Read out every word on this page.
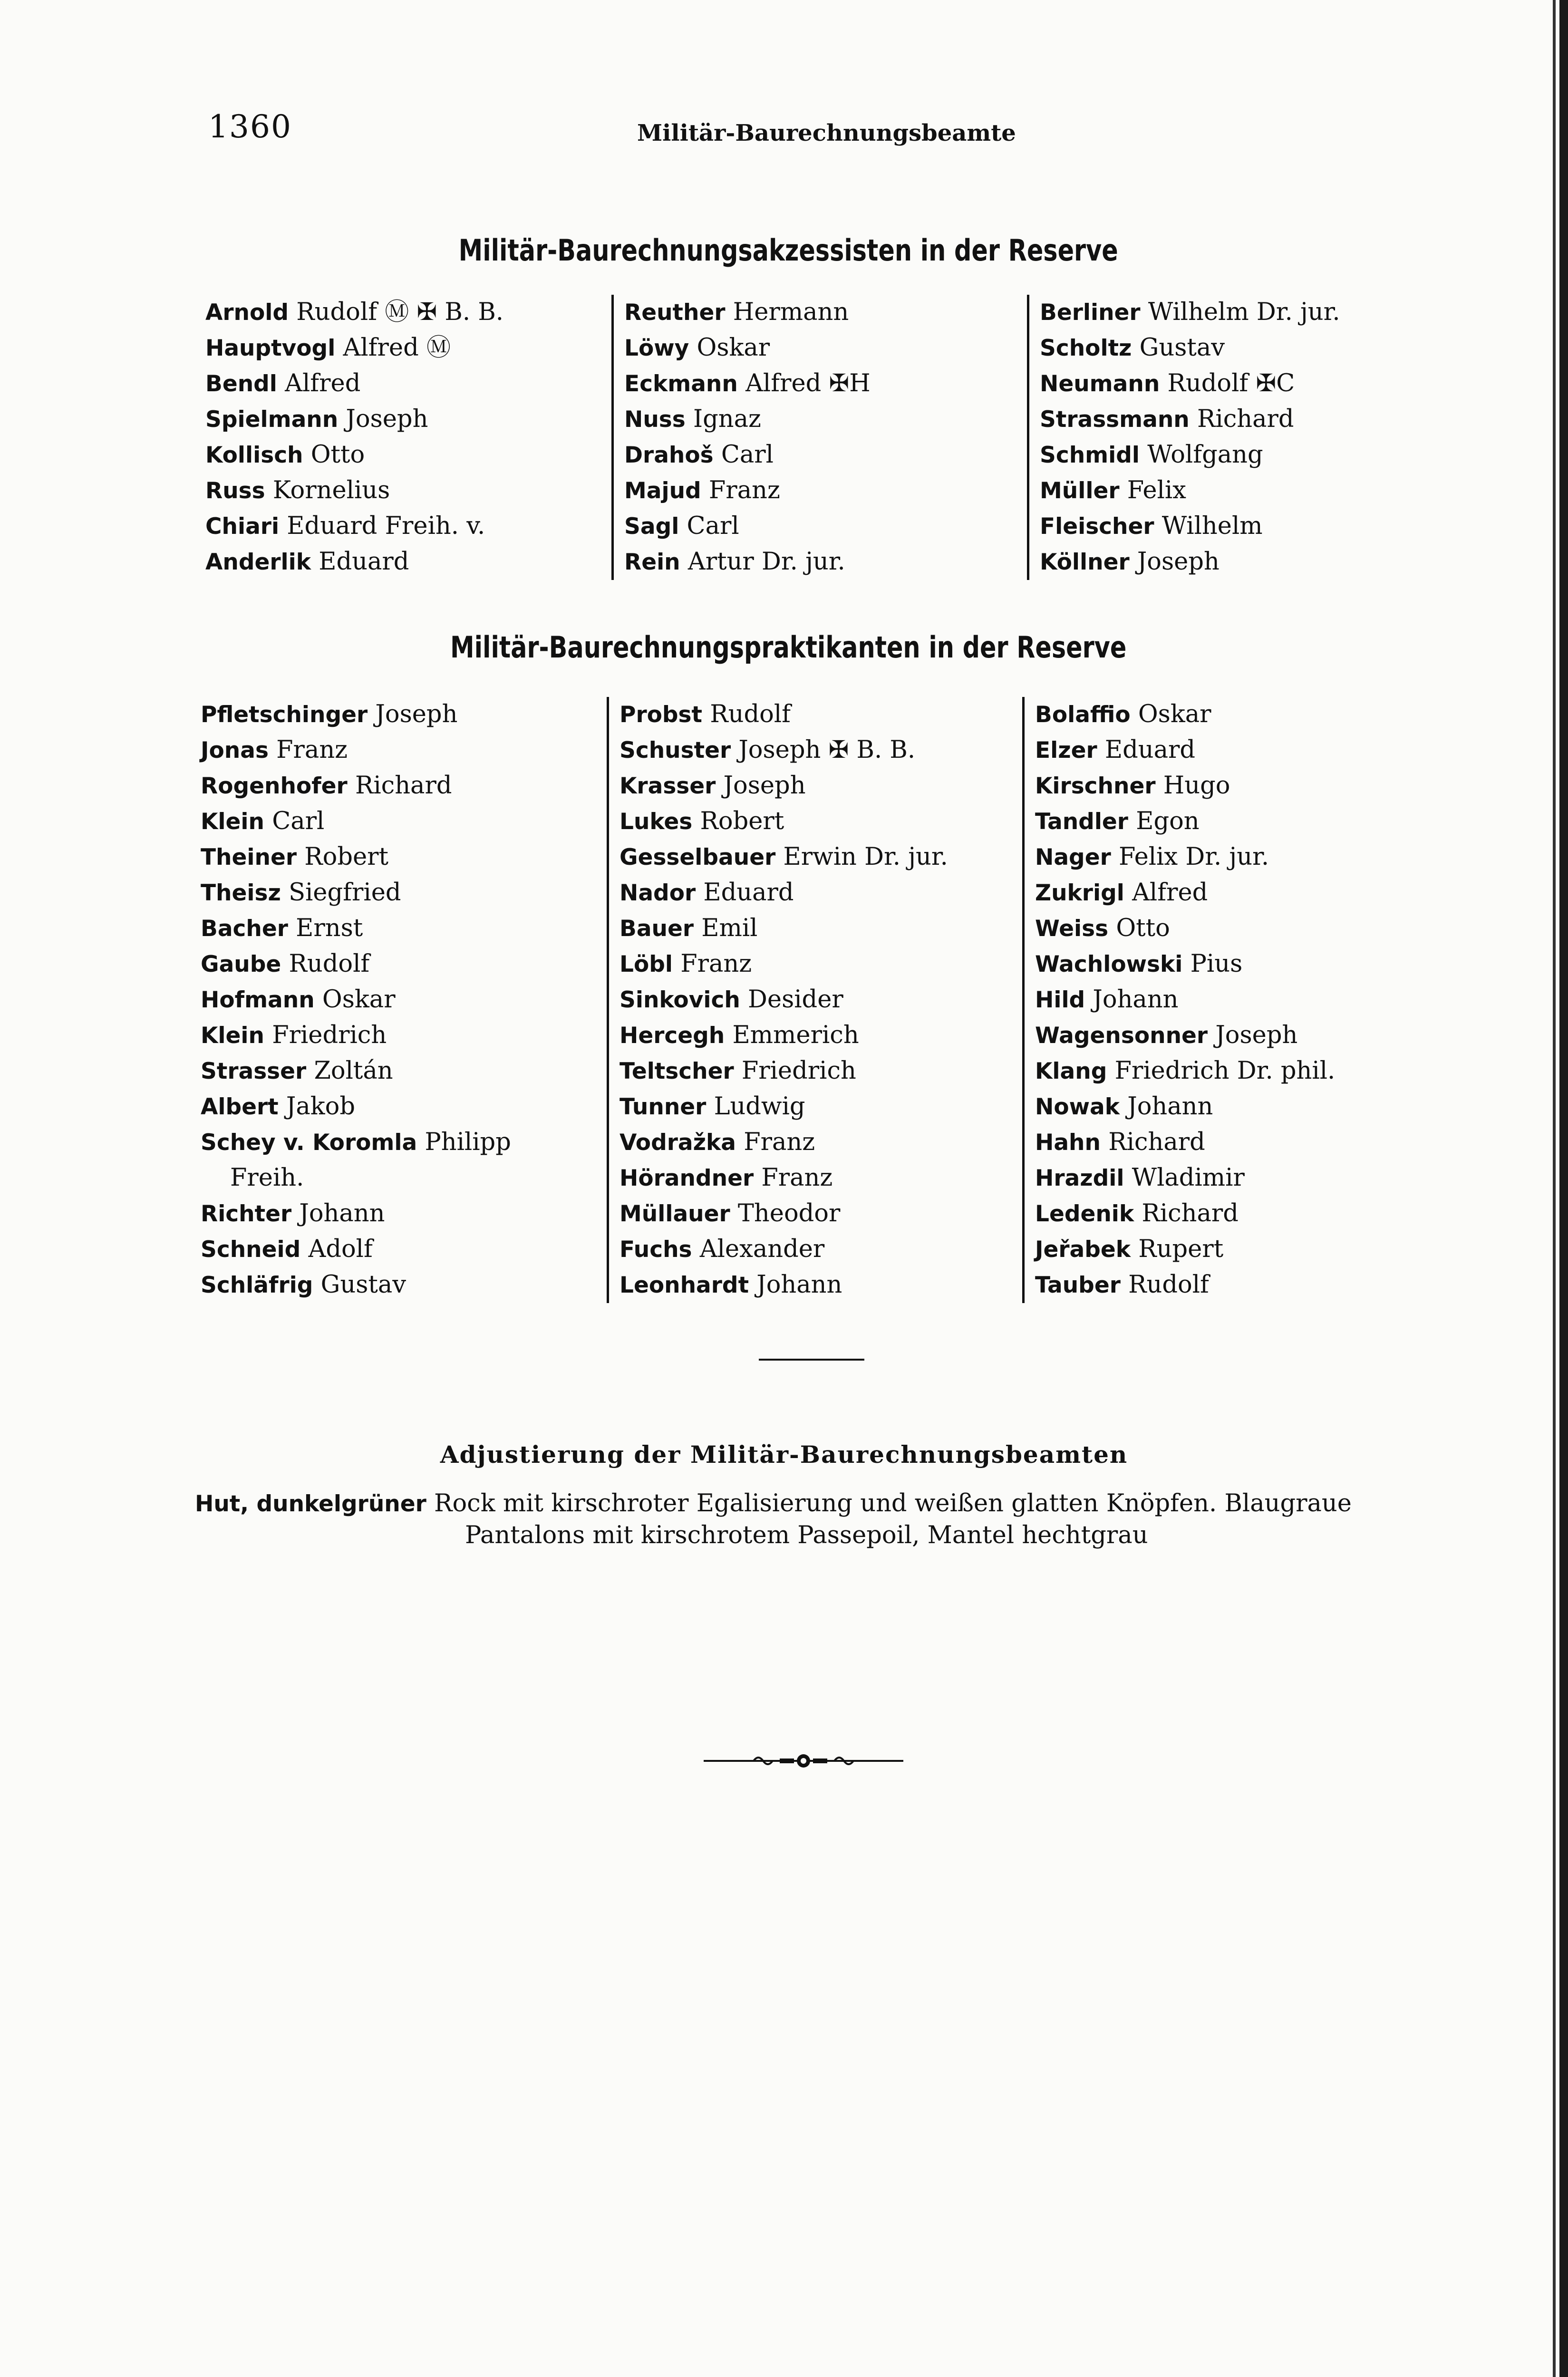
1360	Militär-Baurechnungsbeamte
Militär-Baurechnungsakzessisten in der Reserve
Arnold Rudolf Ⓜ ✠ B. B.
Hauptvogl Alfred Ⓜ
Bendl Alfred
Spielmann Joseph
Kollisch Otto
Russ Kornelius
Chiari Eduard Freih. v.
Anderlik Eduard
Reuther Hermann
Löwy Oskar
Eckmann Alfred ✠H
Nuss Ignaz
Drahoš Carl
Majud Franz
Sagl Carl
Rein Artur Dr. jur.
Berliner Wilhelm Dr. jur.
Scholtz Gustav
Neumann Rudolf ✠C
Strassmann Richard
Schmidl Wolfgang
Müller Felix
Fleischer Wilhelm
Köllner Joseph
Militär-Baurechnungspraktikanten in der Reserve
Pfletschinger Joseph
Jonas Franz
Rogenhofer Richard
Klein Carl
Theiner Robert
Theisz Siegfried
Bacher Ernst
Gaube Rudolf
Hofmann Oskar
Klein Friedrich
Strasser Zoltán
Albert Jakob
Schey v. Koromla Philipp
Freih.
Richter Johann
Schneid Adolf
Schläfrig Gustav
Probst Rudolf
Schuster Joseph ✠ B. B.
Krasser Joseph
Lukes Robert
Gesselbauer Erwin Dr. jur.
Nador Eduard
Bauer Emil
Löbl Franz
Sinkovich Desider
Hercegh Emmerich
Teltscher Friedrich
Tunner Ludwig
Vodražka Franz
Hörandner Franz
Müllauer Theodor
Fuchs Alexander
Leonhardt Johann
Bolaffio Oskar
Elzer Eduard
Kirschner Hugo
Tandler Egon
Nager Felix Dr. jur.
Zukrigl Alfred
Weiss Otto
Wachlowski Pius
Hild Johann
Wagensonner Joseph
Klang Friedrich Dr. phil.
Nowak Johann
Hahn Richard
Hrazdil Wladimir
Ledenik Richard
Jeřabek Rupert
Tauber Rudolf
Adjustierung der Militär-Baurechnungsbeamten
Hut, dunkelgrüner Rock mit kirschroter Egalisierung und weißen glatten Knöpfen. Blaugraue
Pantalons mit kirschrotem Passepoil, Mantel hechtgrau
